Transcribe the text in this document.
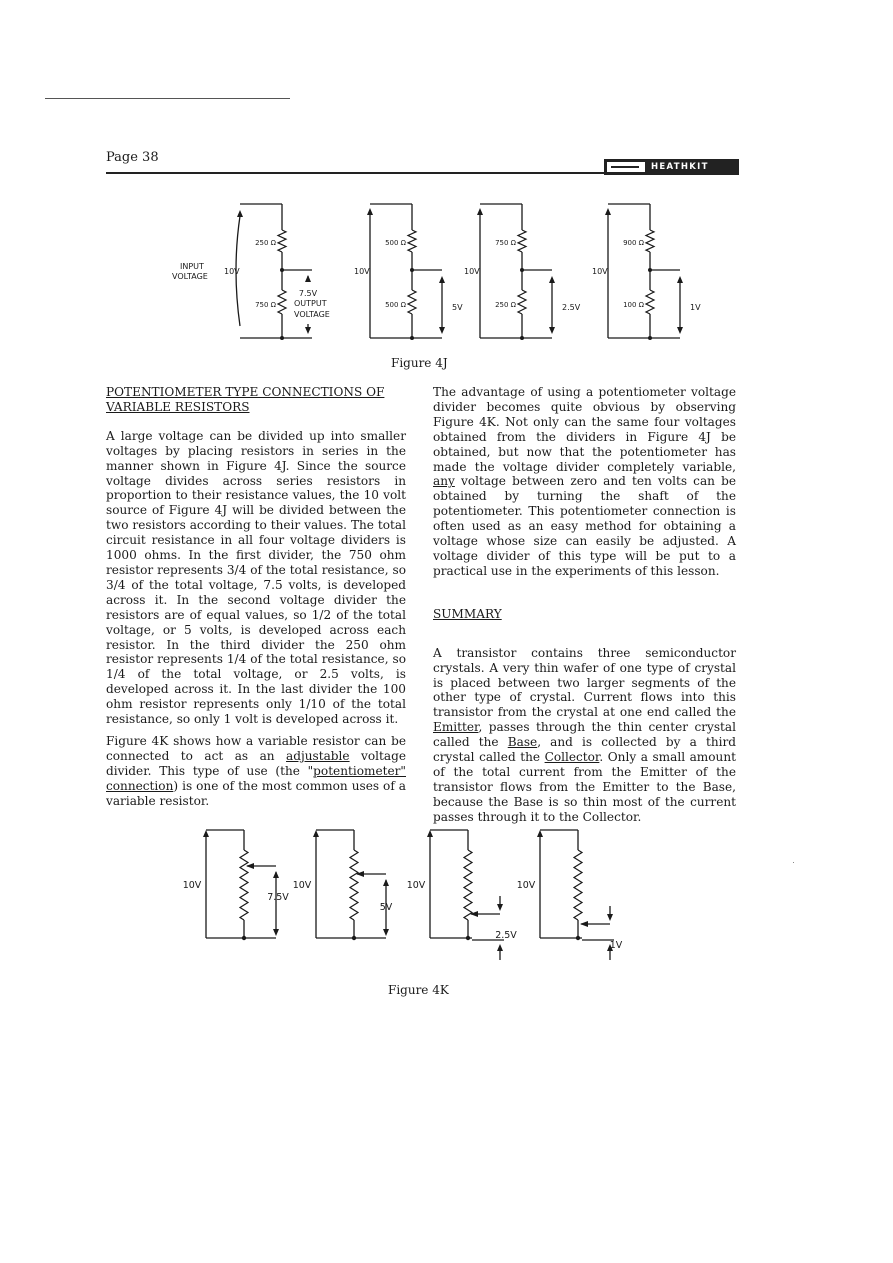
Page 38
HEATHKIT
10V
250 Ω
750 Ω
7.5V
10V
500 Ω
500 Ω	5V
10V
750 Ω
250 Ω	2.5V
10V
900 Ω
100 Ω	1V
INPUT
VOLTAGE
OUTPUT
VOLTAGE
Figure 4J

POTENTIOMETER TYPE CONNECTIONS OF
VARIABLE RESISTORS

A large voltage can be divided up into smaller voltages by placing resistors in series in the manner shown in Figure 4J. Since the source voltage divides across series resistors in proportion to their resistance values, the 10 volt source of Figure 4J will be divided between the two resistors according to their values. The total circuit resistance in all four voltage dividers is 1000 ohms. In the first divider, the 750 ohm resistor represents 3/4 of the total resistance, so 3/4 of the total voltage, 7.5 volts, is developed across it. In the second voltage divider the resistors are of equal values, so 1/2 of the total voltage, or 5 volts, is developed across each resistor. In the third divider the 250 ohm resistor represents 1/4 of the total resistance, so 1/4 of the total voltage, or 2.5 volts, is developed across it. In the last divider the 100 ohm resistor represents only 1/10 of the total resistance, so only 1 volt is developed across it.

Figure 4K shows how a variable resistor can be connected to act as an adjustable voltage divider. This type of use (the "potentiometer" connection) is one of the most common uses of a variable resistor.

The advantage of using a potentiometer voltage divider becomes quite obvious by observing Figure 4K. Not only can the same four voltages obtained from the dividers in Figure 4J be obtained, but now that the potentiometer has made the voltage divider completely variable, any voltage between zero and ten volts can be obtained by turning the shaft of the potentiometer. This potentiometer connection is often used as an easy method for obtaining a voltage whose size can easily be adjusted. A voltage divider of this type will be put to a practical use in the experiments of this lesson.

SUMMARY

A transistor contains three semiconductor crystals. A very thin wafer of one type of crystal is placed between two larger segments of the other type of crystal. Current flows into this transistor from the crystal at one end called the Emitter, passes through the thin center crystal called the Base, and is collected by a third crystal called the Collector. Only a small amount of the total current from the Emitter of the transistor flows from the Emitter to the Base, because the Base is so thin most of the current passes through it to the Collector.

10V
7.5V
10V
5V
10V
2.5V
10V
1V
Figure 4K
